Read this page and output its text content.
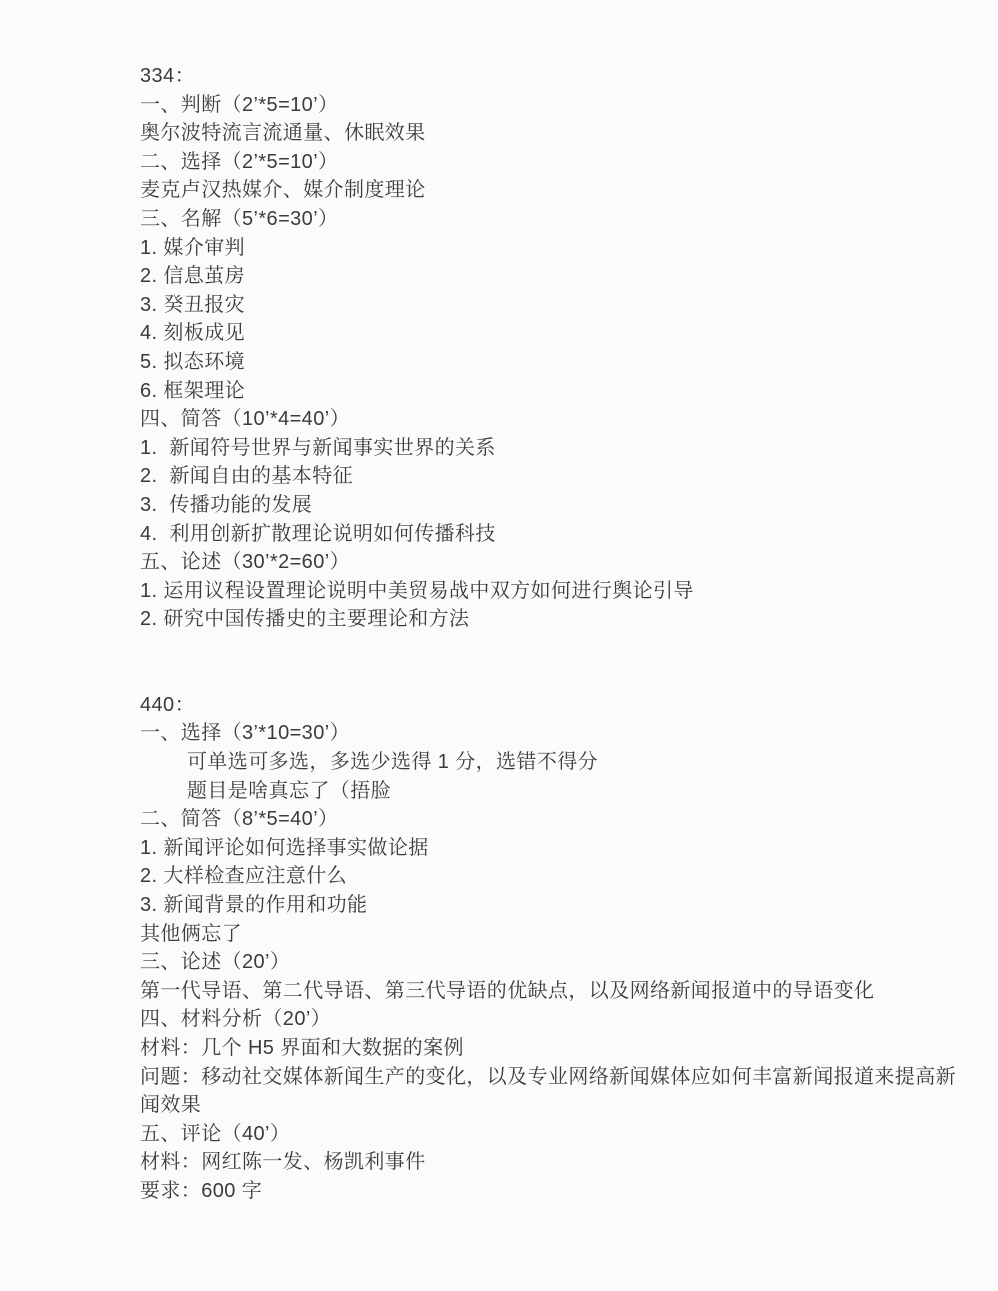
334：
一、判断（2’*5=10’）
奥尔波特流言流通量、休眠效果
二、选择（2’*5=10’）
麦克卢汉热媒介、媒介制度理论
三、名解（5’*6=30’）
1. 媒介审判
2. 信息茧房
3. 癸丑报灾
4. 刻板成见
5. 拟态环境
6. 框架理论
四、简答（10’*4=40’）
1.  新闻符号世界与新闻事实世界的关系
2.  新闻自由的基本特征
3.  传播功能的发展
4.  利用创新扩散理论说明如何传播科技
五、论述（30’*2=60’）
1. 运用议程设置理论说明中美贸易战中双方如何进行舆论引导
2. 研究中国传播史的主要理论和方法
440：
一、选择（3’*10=30’）
可单选可多选，多选少选得 1 分，选错不得分
题目是啥真忘了（捂脸
二、简答（8’*5=40’）
1. 新闻评论如何选择事实做论据
2. 大样检查应注意什么
3. 新闻背景的作用和功能
其他俩忘了
三、论述（20’）
第一代导语、第二代导语、第三代导语的优缺点，以及网络新闻报道中的导语变化
四、材料分析（20’）
材料：几个 H5 界面和大数据的案例
问题：移动社交媒体新闻生产的变化，以及专业网络新闻媒体应如何丰富新闻报道来提高新
闻效果
五、评论（40’）
材料：网红陈一发、杨凯利事件
要求：600 字
